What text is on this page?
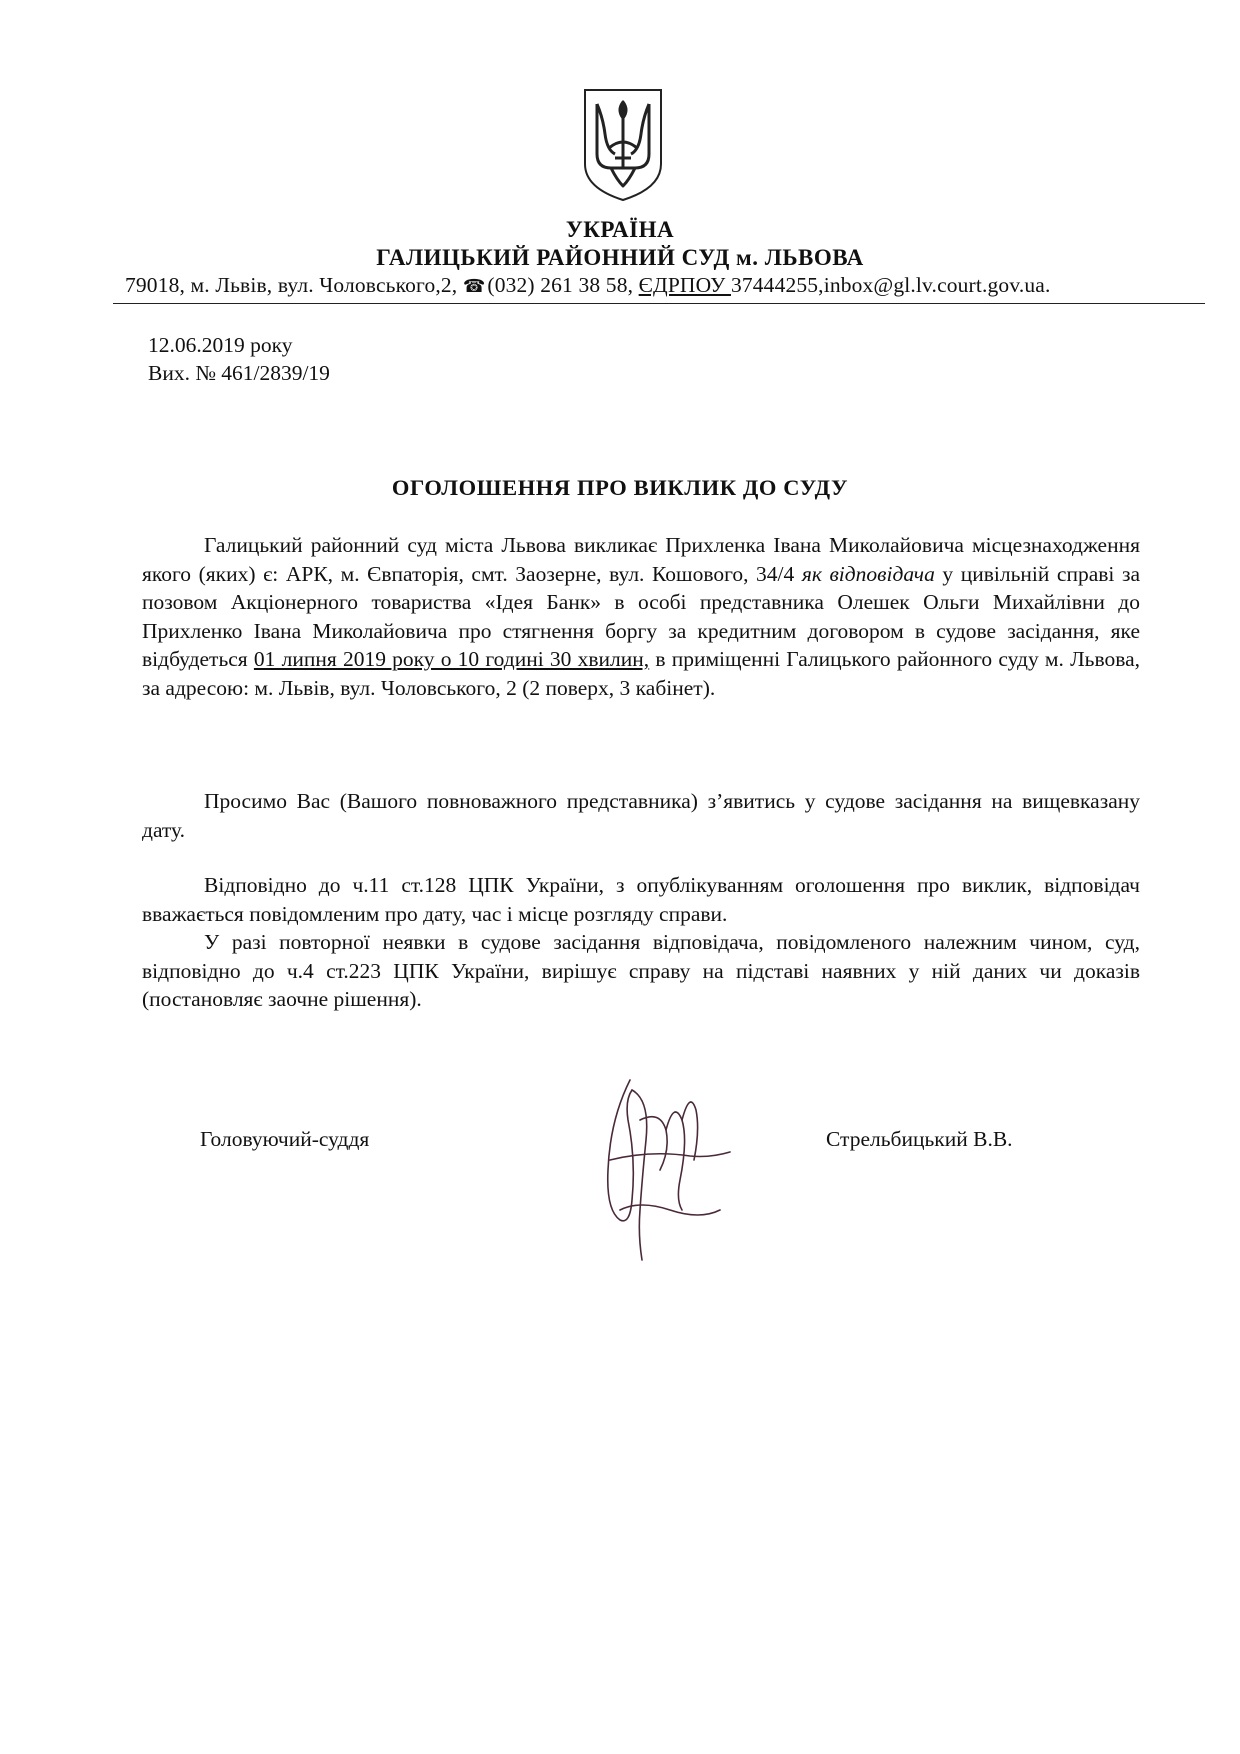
УКРАЇНА
ГАЛИЦЬКИЙ РАЙОННИЙ СУД м. ЛЬВОВА
79018, м. Львів, вул. Чоловського,2, ☎(032) 261 38 58, ЄДРПОУ 37444255,inbox@gl.lv.court.gov.ua.
12.06.2019 року
Вих. № 461/2839/19
ОГОЛОШЕННЯ ПРО ВИКЛИК ДО СУДУ
Галицький районний суд міста Львова викликає Прихленка Івана Миколайовича місцезнаходження якого (яких) є: АРК, м. Євпаторія, смт. Заозерне, вул. Кошового, 34/4 як відповідача у цивільній справі за позовом Акціонерного товариства «Ідея Банк» в особі представника Олешек Ольги Михайлівни до Прихленко Івана Миколайовича про стягнення боргу за кредитним договором в судове засідання, яке відбудеться 01 липня 2019 року о 10 годині 30 хвилин, в приміщенні Галицького районного суду м. Львова, за адресою: м. Львів, вул. Чоловського, 2 (2 поверх, 3 кабінет).
Просимо Вас (Вашого повноважного представника) з’явитись у судове засідання на вищевказану дату.
Відповідно до ч.11 ст.128 ЦПК України, з опублікуванням оголошення про виклик, відповідач вважається повідомленим про дату, час і місце розгляду справи.
У разі повторної неявки в судове засідання відповідача, повідомленого належним чином, суд, відповідно до ч.4 ст.223 ЦПК України, вирішує справу на підставі наявних у ній даних чи доказів (постановляє заочне рішення).
Головуючий-суддя	Стрельбицький В.В.
